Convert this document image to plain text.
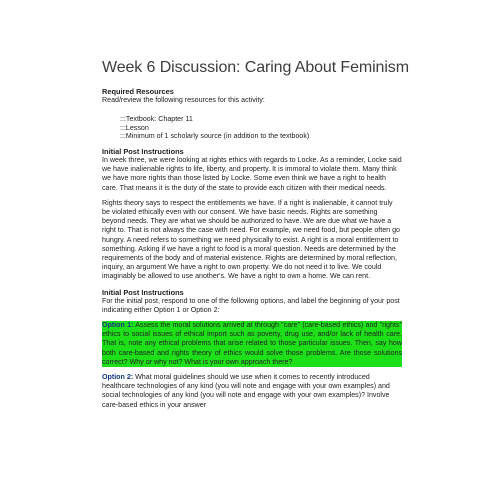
Week 6 Discussion: Caring About Feminism
Required Resources

Read/review the following resources for this activity:

:::Textbook: Chapter 11
:::Lesson
:::Minimum of 1 scholarly source (in addition to the textbook)
Initial Post Instructions

In week three, we were looking at rights ethics with regards to Locke. As a reminder, Locke said we have inalienable rights to life, liberty, and property. It is immoral to violate them. Many think we have more rights than those listed by Locke. Some even think we have a right to health care. That means it is the duty of the state to provide each citizen with their medical needs.

Rights theory says to respect the entitlements we have. If a right is inalienable, it cannot truly be violated ethically even with our consent. We have basic needs. Rights are something beyond needs. They are what we should be authorized to have. We are due what we have a right to. That is not always the case with need. For example, we need food, but people often go hungry. A need refers to something we need physically to exist. A right is a moral entitlement to something. Asking if we have a right to food is a moral question. Needs are determined by the requirements of the body and of material existence. Rights are determined by moral reflection, inquiry, an argument We have a right to own property. We do not need it to live. We could imaginably be allowed to use another's. We have a right to own a home. We can rent.

Initial Post Instructions

For the initial post, respond to one of the following options, and label the beginning of your post indicating either Option 1 or Option 2:

Option 1: Assess the moral solutions arrived at through "care" (care-based ethics) and "rights" ethics to social issues of ethical import such as poverty, drug use, and/or lack of health care. That is, note any ethical problems that arise related to those particular issues. Then, say how both care-based and rights theory of ethics would solve those problems. Are those solutions correct? Why or why not? What is your own approach there?

Option 2: What moral guidelines should we use when it comes to recently introduced healthcare technologies of any kind (you will note and engage with your own examples) and social technologies of any kind (you will note and engage with your own examples)? Involve care-based ethics in your answer
